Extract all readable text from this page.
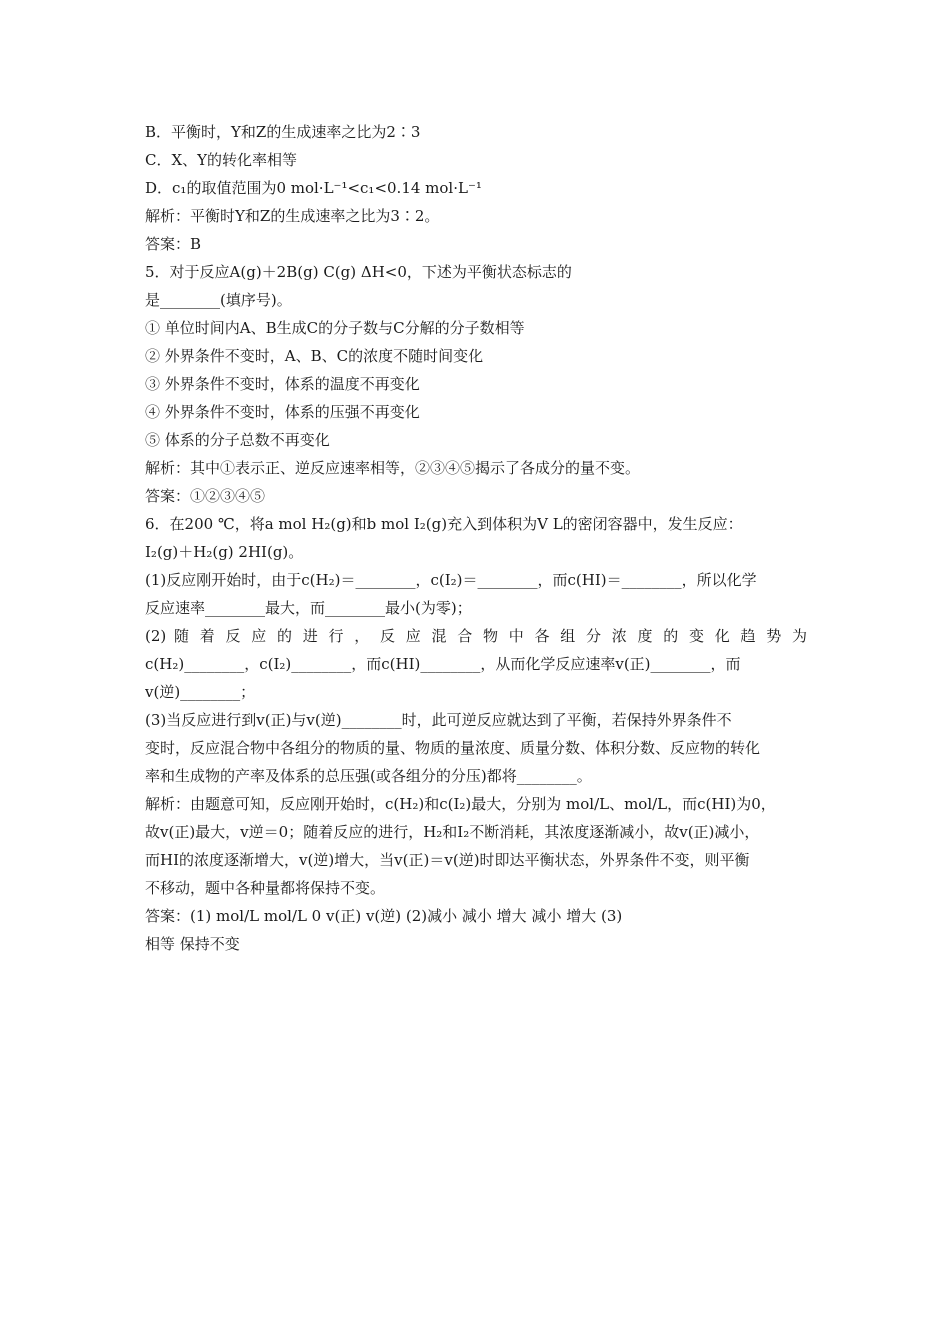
B．平衡时，Y和Z的生成速率之比为2∶3
C．X、Y的转化率相等
D．c₁的取值范围为0 mol·L⁻¹<c₁<0.14 mol·L⁻¹
解析：平衡时Y和Z的生成速率之比为3∶2。
答案：B
5．对于反应A(g)＋2B(g) C(g) ΔH<0，下述为平衡状态标志的
是________(填序号)。
① 单位时间内A、B生成C的分子数与C分解的分子数相等
② 外界条件不变时，A、B、C的浓度不随时间变化
③ 外界条件不变时，体系的温度不再变化
④ 外界条件不变时，体系的压强不再变化
⑤ 体系的分子总数不再变化
解析：其中①表示正、逆反应速率相等，②③④⑤揭示了各成分的量不变。
答案：①②③④⑤
6．在200 ℃，将a mol H₂(g)和b mol I₂(g)充入到体积为V L的密闭容器中，发生反应：
I₂(g)＋H₂(g) 2HI(g)。
(1)反应刚开始时，由于c(H₂)＝________，c(I₂)＝________，而c(HI)＝________，所以化学
反应速率________最大，而________最小(为零)；
(2) 随 着 反 应 的 进 行 ， 反 应 混 合 物 中 各 组 分 浓 度 的 变 化 趋 势 为
c(H₂)________，c(I₂)________，而c(HI)________，从而化学反应速率v(正)________，而
v(逆)________；
(3)当反应进行到v(正)与v(逆)________时，此可逆反应就达到了平衡，若保持外界条件不
变时，反应混合物中各组分的物质的量、物质的量浓度、质量分数、体积分数、反应物的转化
率和生成物的产率及体系的总压强(或各组分的分压)都将________。
解析：由题意可知，反应刚开始时，c(H₂)和c(I₂)最大，分别为 mol/L、mol/L，而c(HI)为0，
故v(正)最大，v逆＝0；随着反应的进行，H₂和I₂不断消耗，其浓度逐渐减小，故v(正)减小，
而HI的浓度逐渐增大，v(逆)增大，当v(正)＝v(逆)时即达平衡状态，外界条件不变，则平衡
不移动，题中各种量都将保持不变。
答案：(1) mol/L mol/L 0 v(正) v(逆) (2)减小 减小 增大 减小 增大 (3)
相等 保持不变
